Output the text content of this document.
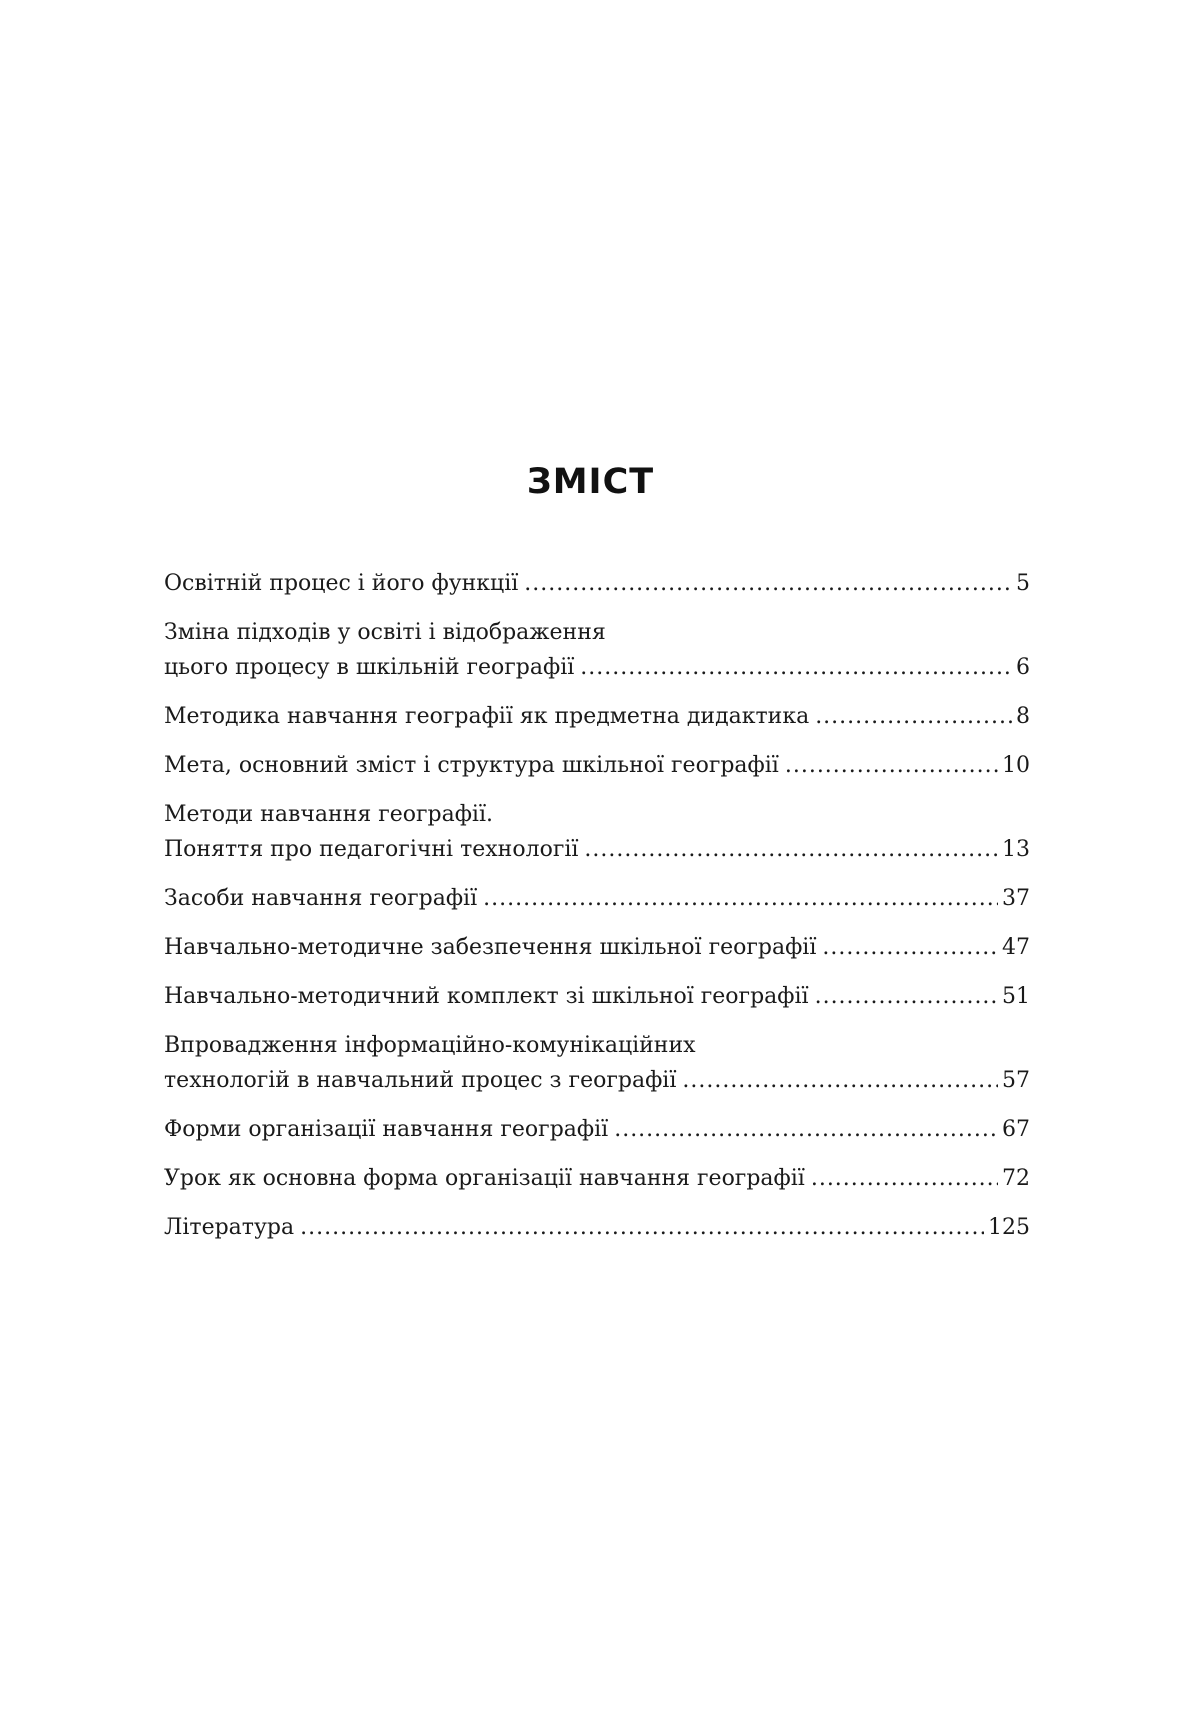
ЗМІСТ
Освітній процес і його функції .....	5
Зміна підходів у освіті і відображення
цього процесу в шкільній географії .....	6
Методика навчання географії як предметна дидактика .....	8
Мета, основний зміст і структура шкільної географії .....	10
Методи навчання географії.
Поняття про педагогічні технології .....	13
Засоби навчання географії .....	37
Навчально-методичне забезпечення шкільної географії .....	47
Навчально-методичний комплект зі шкільної географії .....	51
Впровадження інформаційно-комунікаційних
технологій в навчальний процес з географії .....	57
Форми організації навчання географії .....	67
Урок як основна форма організації навчання географії .....	72
Література .....	125
